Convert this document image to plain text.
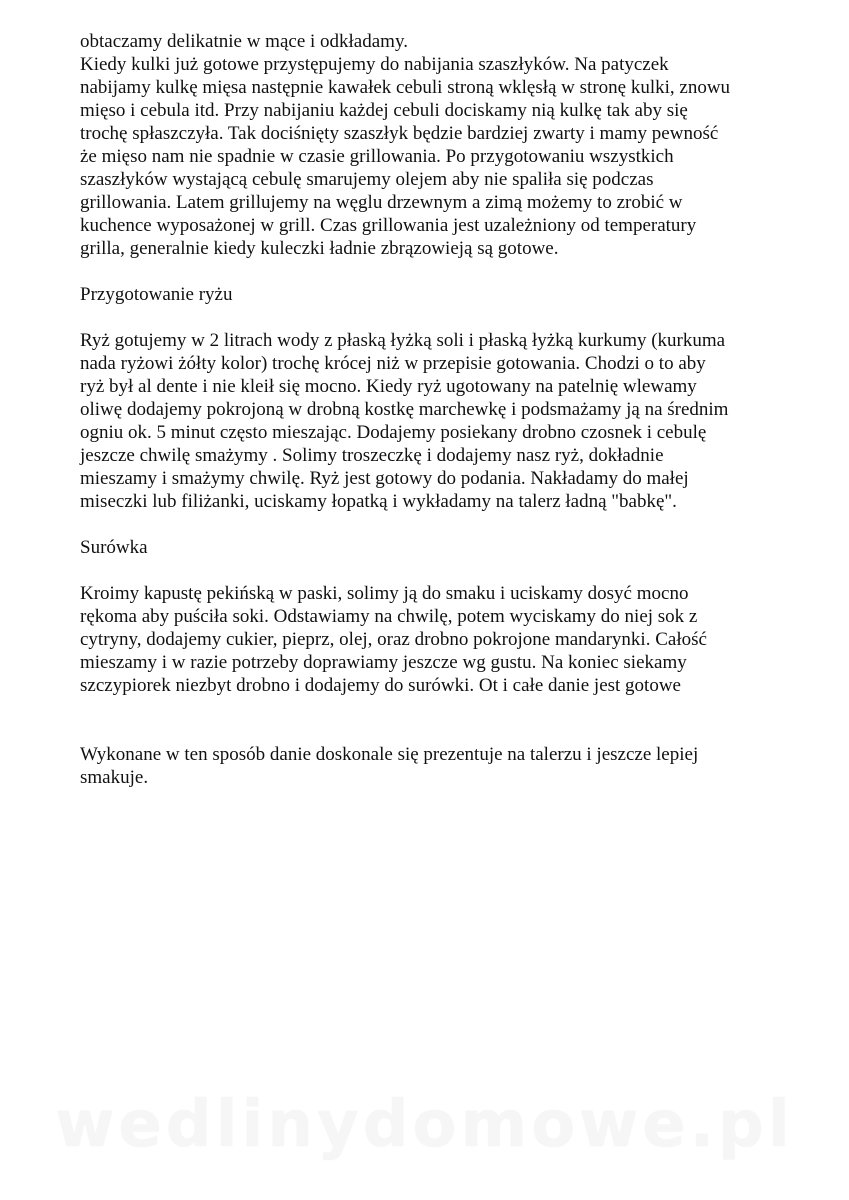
obtaczamy delikatnie w mące i odkładamy.
Kiedy kulki już gotowe przystępujemy do nabijania szaszłyków. Na patyczek
nabijamy kulkę mięsa następnie kawałek cebuli stroną wklęsłą w stronę kulki, znowu
mięso i cebula itd. Przy nabijaniu każdej cebuli dociskamy nią kulkę tak aby się
trochę spłaszczyła. Tak dociśnięty szaszłyk będzie bardziej zwarty i mamy pewność
że mięso nam nie spadnie w czasie grillowania. Po przygotowaniu wszystkich
szaszłyków wystającą cebulę smarujemy olejem aby nie spaliła się podczas
grillowania. Latem grillujemy na węglu drzewnym a zimą możemy to zrobić w
kuchence wyposażonej w grill. Czas grillowania jest uzależniony od temperatury
grilla, generalnie kiedy kuleczki ładnie zbrązowieją są gotowe.

Przygotowanie ryżu

Ryż gotujemy w 2 litrach wody z płaską łyżką soli i płaską łyżką kurkumy (kurkuma
nada ryżowi żółty kolor) trochę krócej niż w przepisie gotowania. Chodzi o to aby
ryż był al dente i nie kleił się mocno. Kiedy ryż ugotowany na patelnię wlewamy
oliwę dodajemy pokrojoną w drobną kostkę marchewkę i podsmażamy ją na średnim
ogniu ok. 5 minut często mieszając. Dodajemy posiekany drobno czosnek i cebulę
jeszcze chwilę smażymy . Solimy troszeczkę i dodajemy nasz ryż, dokładnie
mieszamy i smażymy chwilę. Ryż jest gotowy do podania. Nakładamy do małej
miseczki lub filiżanki, uciskamy łopatką i wykładamy na talerz ładną "babkę".

Surówka

Kroimy kapustę pekińską w paski, solimy ją do smaku i uciskamy dosyć mocno
rękoma aby puściła soki. Odstawiamy na chwilę, potem wyciskamy do niej sok z
cytryny, dodajemy cukier, pieprz, olej, oraz drobno pokrojone mandarynki. Całość
mieszamy i w razie potrzeby doprawiamy jeszcze wg gustu. Na koniec siekamy
szczypiorek niezbyt drobno i dodajemy do surówki. Ot i całe danie jest gotowe

Wykonane w ten sposób danie doskonale się prezentuje na talerzu i jeszcze lepiej
smakuje.

wedlinydomowe.pl
